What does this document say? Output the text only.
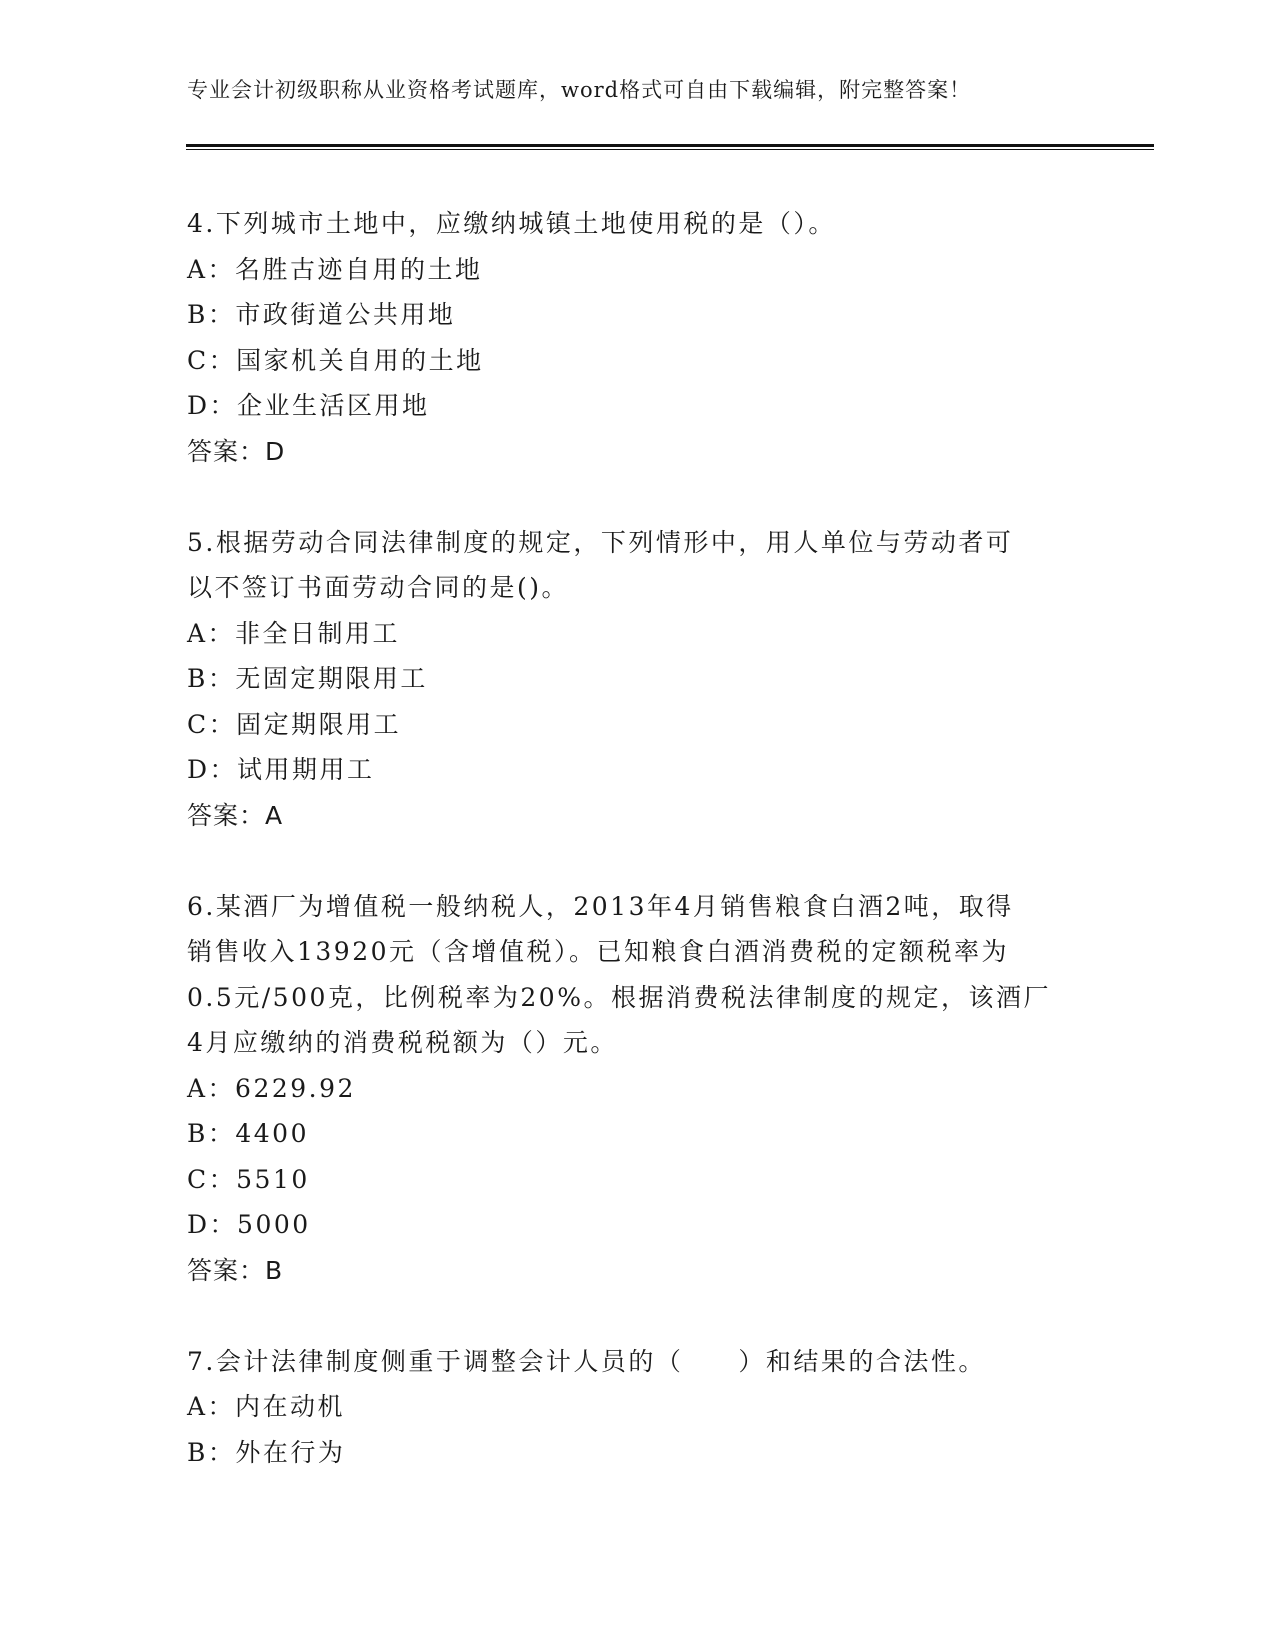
专业会计初级职称从业资格考试题库，word格式可自由下载编辑，附完整答案！
4.下列城市土地中，应缴纳城镇土地使用税的是（）。
A：名胜古迹自用的土地
B：市政街道公共用地
C：国家机关自用的土地
D：企业生活区用地
答案：D
5.根据劳动合同法律制度的规定，下列情形中，用人单位与劳动者可
以不签订书面劳动合同的是()。
A：非全日制用工
B：无固定期限用工
C：固定期限用工
D：试用期用工
答案：A
6.某酒厂为增值税一般纳税人，2013年4月销售粮食白酒2吨，取得
销售收入13920元（含增值税）。已知粮食白酒消费税的定额税率为
0.5元/500克，比例税率为20%。根据消费税法律制度的规定，该酒厂
4月应缴纳的消费税税额为（）元。
A：6229.92
B：4400
C：5510
D：5000
答案：B
7.会计法律制度侧重于调整会计人员的（　　）和结果的合法性。
A：内在动机
B：外在行为
